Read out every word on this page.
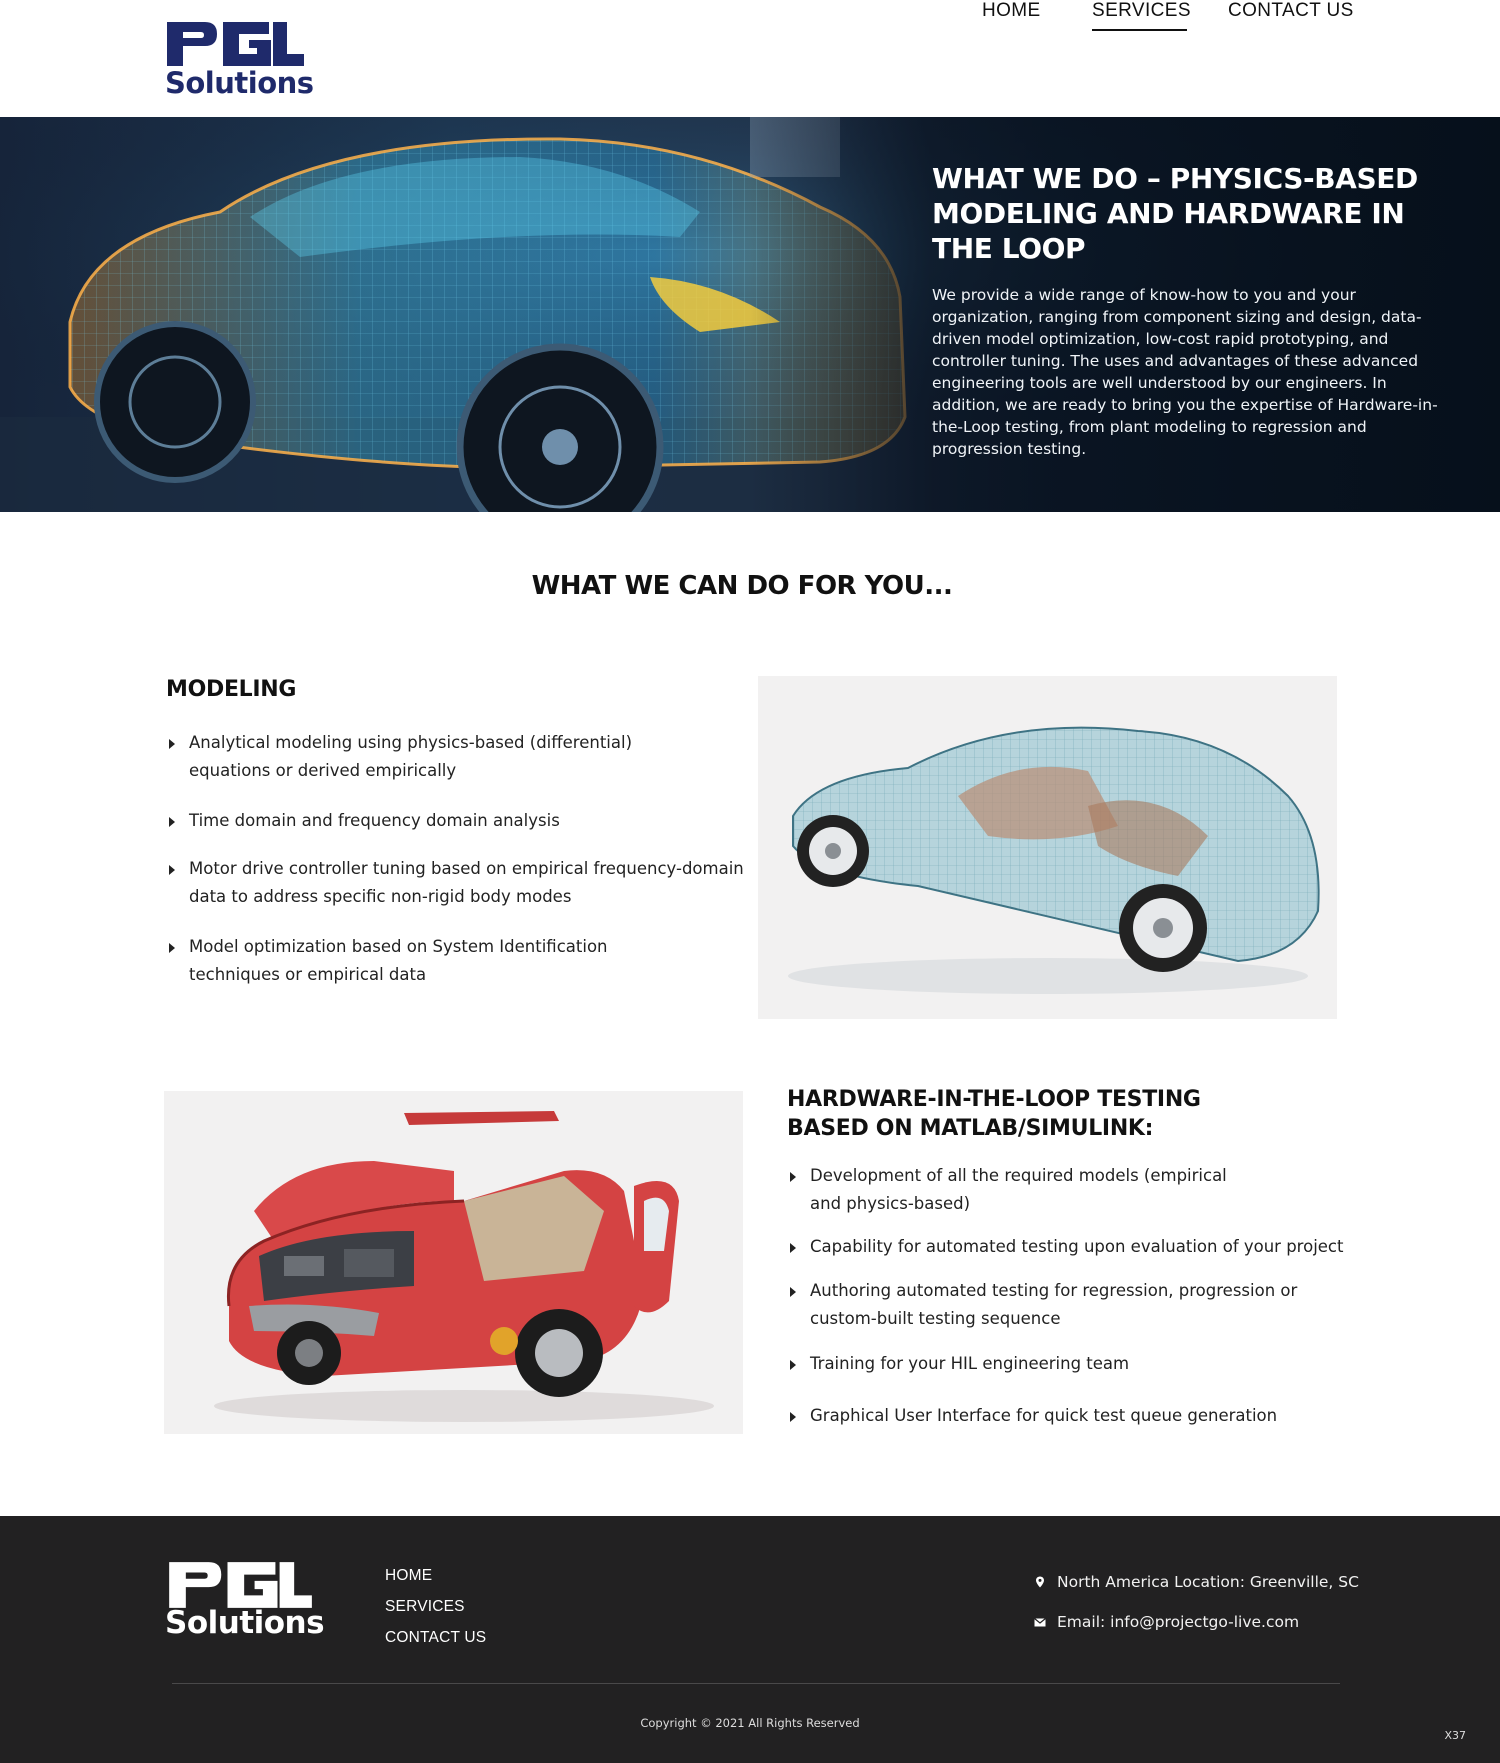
Solutions
HOME	SERVICES CONTACT US
WHAT WE DO – PHYSICS-BASED MODELING AND HARDWARE IN THE LOOP

We provide a wide range of know-how to you and your organization, ranging from component sizing and design, data-driven model optimization, low-cost rapid prototyping, and controller tuning. The uses and advantages of these advanced engineering tools are well understood by our engineers. In addition, we are ready to bring you the expertise of Hardware-in-the-Loop testing, from plant modeling to regression and progression testing.

WHAT WE CAN DO FOR YOU...
MODELING
Analytical modeling using physics-based (differential) equations or derived empirically
Time domain and frequency domain analysis
Motor drive controller tuning based on empirical frequency-domain data to address specific non-rigid body modes
Model optimization based on System Identification techniques or empirical data
HARDWARE-IN-THE-LOOP TESTING BASED ON MATLAB/SIMULINK:
Development of all the required models (empirical and physics-based)
Capability for automated testing upon evaluation of your project
Authoring automated testing for regression, progression or custom-built testing sequence
Training for your HIL engineering team
Graphical User Interface for quick test queue generation
Solutions
HOME
SERVICES
CONTACT US
North America Location: Greenville, SC
Email: info@projectgo-live.com
Copyright © 2021 All Rights Reserved
X37
